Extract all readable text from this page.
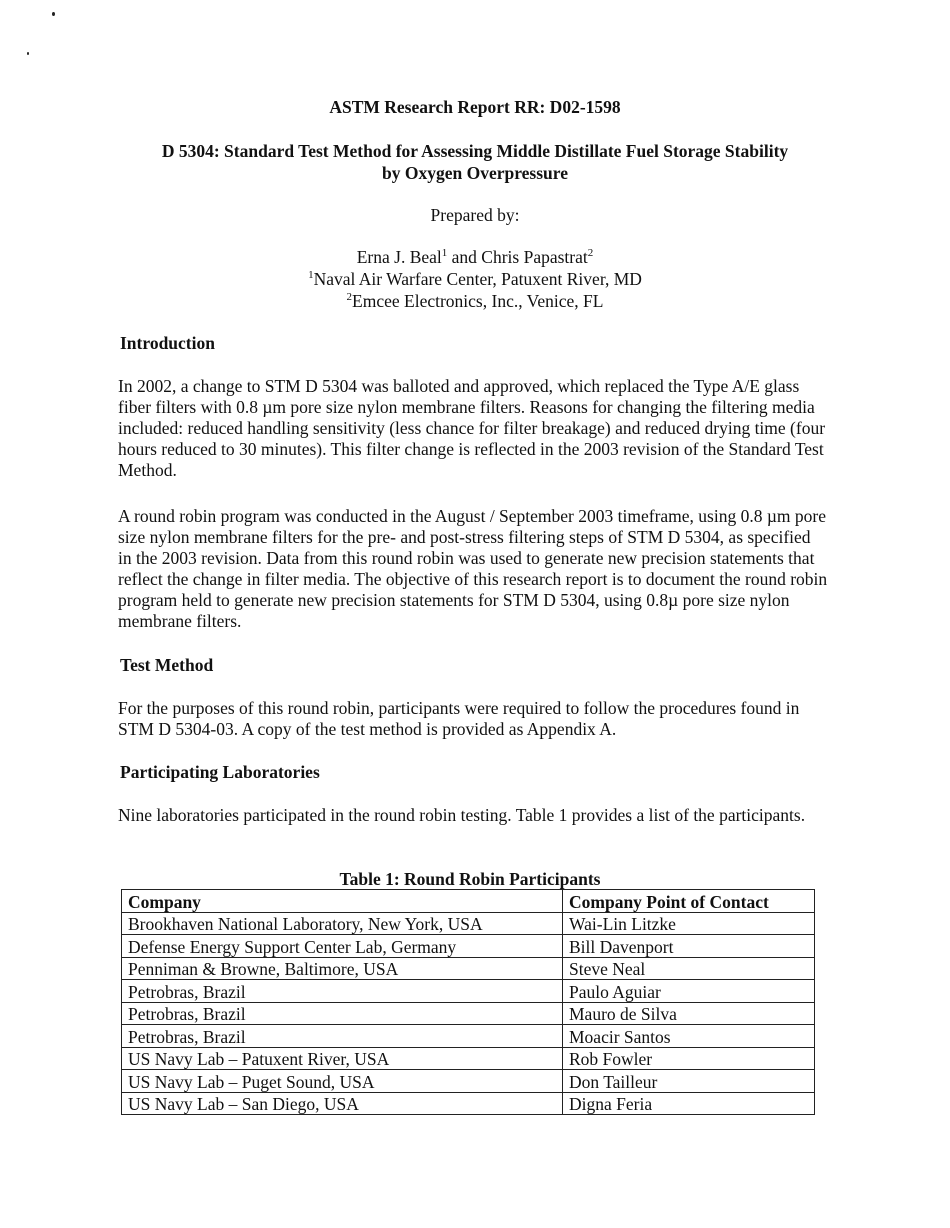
ASTM Research Report RR: D02-1598
D 5304: Standard Test Method for Assessing Middle Distillate Fuel Storage Stability
by Oxygen Overpressure
Prepared by:
Erna J. Beal$^1$ and Chris Papastrat$^2$
$^1$Naval Air Warfare Center, Patuxent River, MD
$^2$Emcee Electronics, Inc., Venice, FL
Introduction

In 2002, a change to STM D 5304 was balloted and approved, which replaced the Type A/E glass fiber filters with 0.8 µm pore size nylon membrane filters. Reasons for changing the filtering media included: reduced handling sensitivity (less chance for filter breakage) and reduced drying time (four hours reduced to 30 minutes). This filter change is reflected in the 2003 revision of the Standard Test Method.

A round robin program was conducted in the August / September 2003 timeframe, using 0.8 µm pore size nylon membrane filters for the pre- and post-stress filtering steps of STM D 5304, as specified in the 2003 revision. Data from this round robin was used to generate new precision statements that reflect the change in filter media. The objective of this research report is to document the round robin program held to generate new precision statements for STM D 5304, using 0.8µ pore size nylon membrane filters.

Test Method

For the purposes of this round robin, participants were required to follow the procedures found in STM D 5304-03. A copy of the test method is provided as Appendix A.

Participating Laboratories

Nine laboratories participated in the round robin testing. Table 1 provides a list of the participants.

Table 1: Round Robin Participants
Company	Company Point of Contact
Brookhaven National Laboratory, New York, USA	Wai-Lin Litzke
Defense Energy Support Center Lab, Germany	Bill Davenport
Penniman & Browne, Baltimore, USA	Steve Neal
Petrobras, Brazil	Paulo Aguiar
Petrobras, Brazil	Mauro de Silva
Petrobras, Brazil	Moacir Santos
US Navy Lab – Patuxent River, USA	Rob Fowler
US Navy Lab – Puget Sound, USA	Don Tailleur
US Navy Lab – San Diego, USA	Digna Feria
